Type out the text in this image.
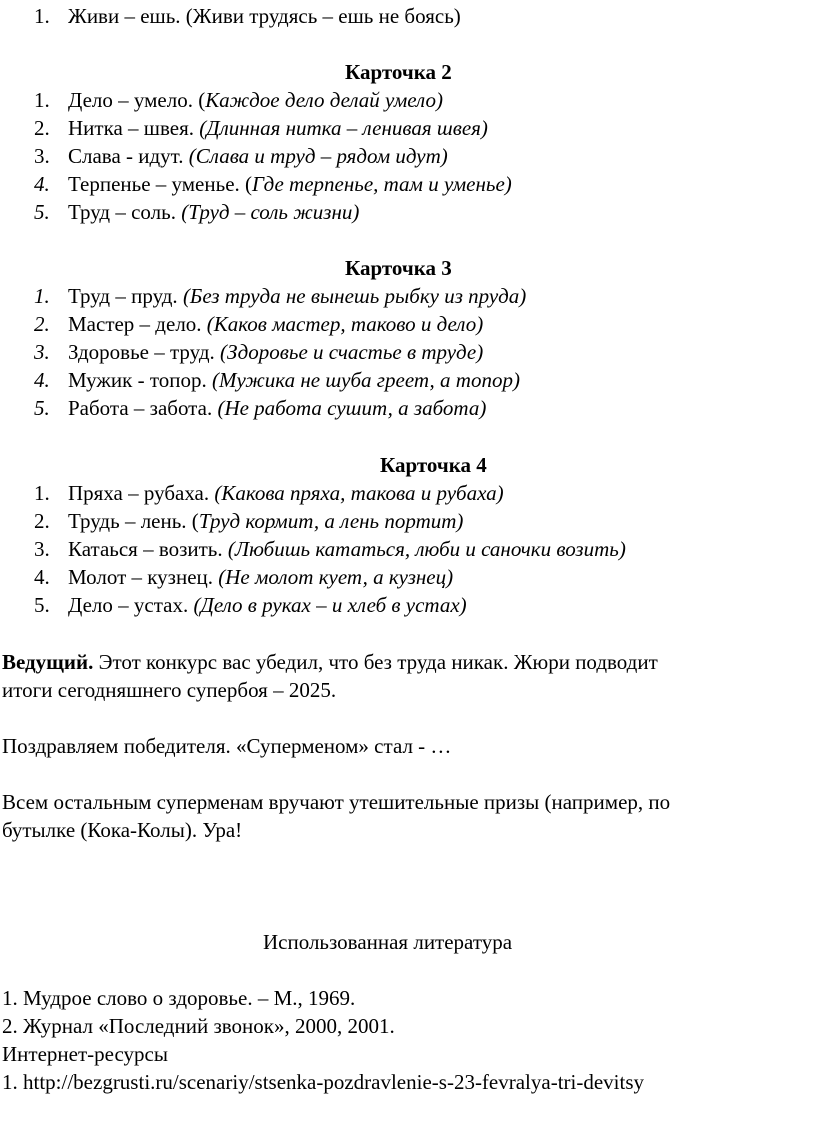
1. Живи – ешь. (Живи трудясь – ешь не боясь)
Карточка 2
1. Дело – умело. (Каждое дело делай умело)
2. Нитка – швея. (Длинная нитка – ленивая швея)
3. Слава - идут. (Слава и труд – рядом идут)
4. Терпенье – уменье. (Где терпенье, там и уменье)
5. Труд – соль. (Труд – соль жизни)
Карточка 3
1. Труд – пруд. (Без труда не вынешь рыбку из пруда)
2. Мастер – дело. (Каков мастер, таково и дело)
3. Здоровье – труд. (Здоровье и счастье в труде)
4. Мужик - топор. (Мужика не шуба греет, а топор)
5. Работа – забота. (Не работа сушит, а забота)
Карточка 4
1. Пряха – рубаха. (Какова пряха, такова и рубаха)
2. Трудь – лень. (Труд кормит, а лень портит)
3. Катаься – возить. (Любишь кататься, люби и саночки возить)
4. Молот – кузнец. (Не молот кует, а кузнец)
5. Дело – устах. (Дело в руках – и хлеб в устах)
Ведущий. Этот конкурс вас убедил, что без труда никак. Жюри подводит
итоги сегодняшнего супербоя – 2025.
Поздравляем победителя. «Суперменом» стал - …
Всем остальным суперменам вручают утешительные призы (например, по
бутылке (Кока-Колы). Ура!
Использованная литература
1. Мудрое слово о здоровье. – М., 1969.
2. Журнал «Последний звонок», 2000, 2001.
Интернет-ресурсы
1. http://bezgrusti.ru/scenariy/stsenka-pozdravlenie-s-23-fevralya-tri-devitsy
